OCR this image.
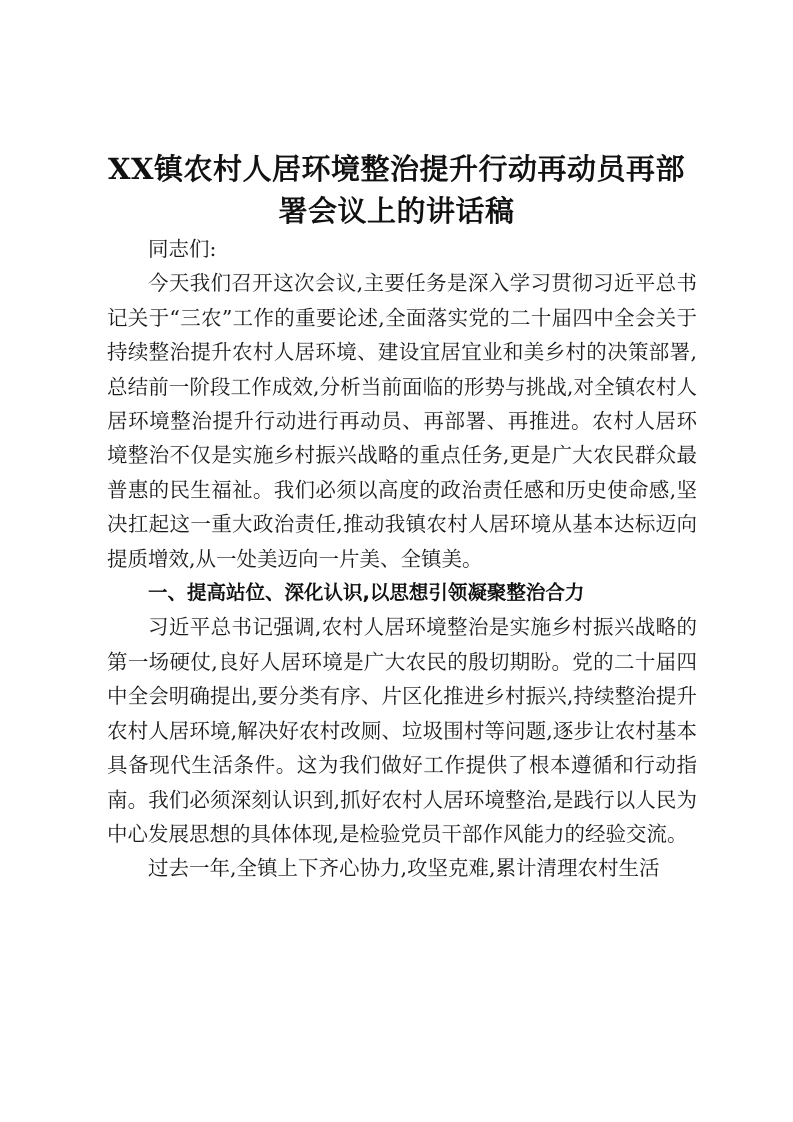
XX镇农村人居环境整治提升行动再动员再部
署会议上的讲话稿

同志们:

今天我们召开这次会议,主要任务是深入学习贯彻习近平总书记关于“三农”工作的重要论述,全面落实党的二十届四中全会关于持续整治提升农村人居环境、建设宜居宜业和美乡村的决策部署,总结前一阶段工作成效,分析当前面临的形势与挑战,对全镇农村人居环境整治提升行动进行再动员、再部署、再推进。农村人居环境整治不仅是实施乡村振兴战略的重点任务,更是广大农民群众最普惠的民生福祉。我们必须以高度的政治责任感和历史使命感,坚决扛起这一重大政治责任,推动我镇农村人居环境从基本达标迈向提质增效,从一处美迈向一片美、全镇美。

一、提高站位、深化认识,以思想引领凝聚整治合力

习近平总书记强调,农村人居环境整治是实施乡村振兴战略的第一场硬仗,良好人居环境是广大农民的殷切期盼。党的二十届四中全会明确提出,要分类有序、片区化推进乡村振兴,持续整治提升农村人居环境,解决好农村改厕、垃圾围村等问题,逐步让农村基本具备现代生活条件。这为我们做好工作提供了根本遵循和行动指南。我们必须深刻认识到,抓好农村人居环境整治,是践行以人民为中心发展思想的具体体现,是检验党员干部作风能力的经验交流。

过去一年,全镇上下齐心协力,攻坚克难,累计清理农村生活
